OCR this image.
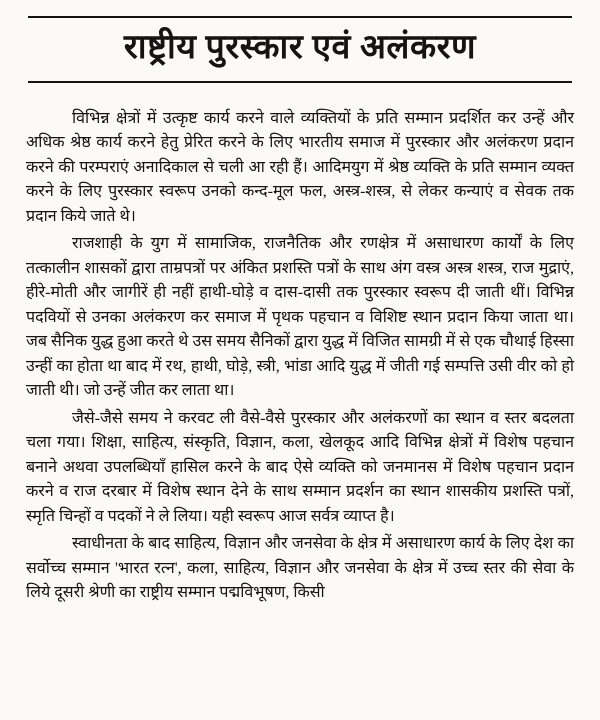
राष्ट्रीय पुरस्कार एवं अलंकरण

विभिन्न क्षेत्रों में उत्कृष्ट कार्य करने वाले व्यक्तियों के प्रति सम्मान प्रदर्शित कर उन्हें और अधिक श्रेष्ठ कार्य करने हेतु प्रेरित करने के लिए भारतीय समाज में पुरस्कार और अलंकरण प्रदान करने की परम्पराएं अनादिकाल से चली आ रही हैं। आदिमयुग में श्रेष्ठ व्यक्ति के प्रति सम्मान व्यक्त करने के लिए पुरस्कार स्वरूप उनको कन्द-मूल फल, अस्त्र-शस्त्र, से लेकर कन्याएं व सेवक तक प्रदान किये जाते थे।

राजशाही के युग में सामाजिक, राजनैतिक और रणक्षेत्र में असाधारण कार्यों के लिए तत्कालीन शासकों द्वारा ताम्रपत्रों पर अंकित प्रशस्ति पत्रों के साथ अंग वस्त्र अस्त्र शस्त्र, राज मुद्राएं, हीरे-मोती और जागीरें ही नहीं हाथी-घोड़े व दास-दासी तक पुरस्कार स्वरूप दी जाती थीं। विभिन्न पदवियों से उनका अलंकरण कर समाज में पृथक पहचान व विशिष्ट स्थान प्रदान किया जाता था। जब सैनिक युद्ध हुआ करते थे उस समय सैनिकों द्वारा युद्ध में विजित सामग्री में से एक चौथाई हिस्सा उन्हीं का होता था बाद में रथ, हाथी, घोड़े, स्त्री, भांडा आदि युद्ध में जीती गई सम्पत्ति उसी वीर को हो जाती थी। जो उन्हें जीत कर लाता था।

जैसे-जैसे समय ने करवट ली वैसे-वैसे पुरस्कार और अलंकरणों का स्थान व स्तर बदलता चला गया। शिक्षा, साहित्य, संस्कृति, विज्ञान, कला, खेलकूद आदि विभिन्न क्षेत्रों में विशेष पहचान बनाने अथवा उपलब्धियाँ हासिल करने के बाद ऐसे व्यक्ति को जनमानस में विशेष पहचान प्रदान करने व राज दरबार में विशेष स्थान देने के साथ सम्मान प्रदर्शन का स्थान शासकीय प्रशस्ति पत्रों, स्मृति चिन्हों व पदकों ने ले लिया। यही स्वरूप आज सर्वत्र व्याप्त है।

स्वाधीनता के बाद साहित्य, विज्ञान और जनसेवा के क्षेत्र में असाधारण कार्य के लिए देश का सर्वोच्च सम्मान 'भारत रत्न', कला, साहित्य, विज्ञान और जनसेवा के क्षेत्र में उच्च स्तर की सेवा के लिये दूसरी श्रेणी का राष्ट्रीय सम्मान पद्मविभूषण, किसी
